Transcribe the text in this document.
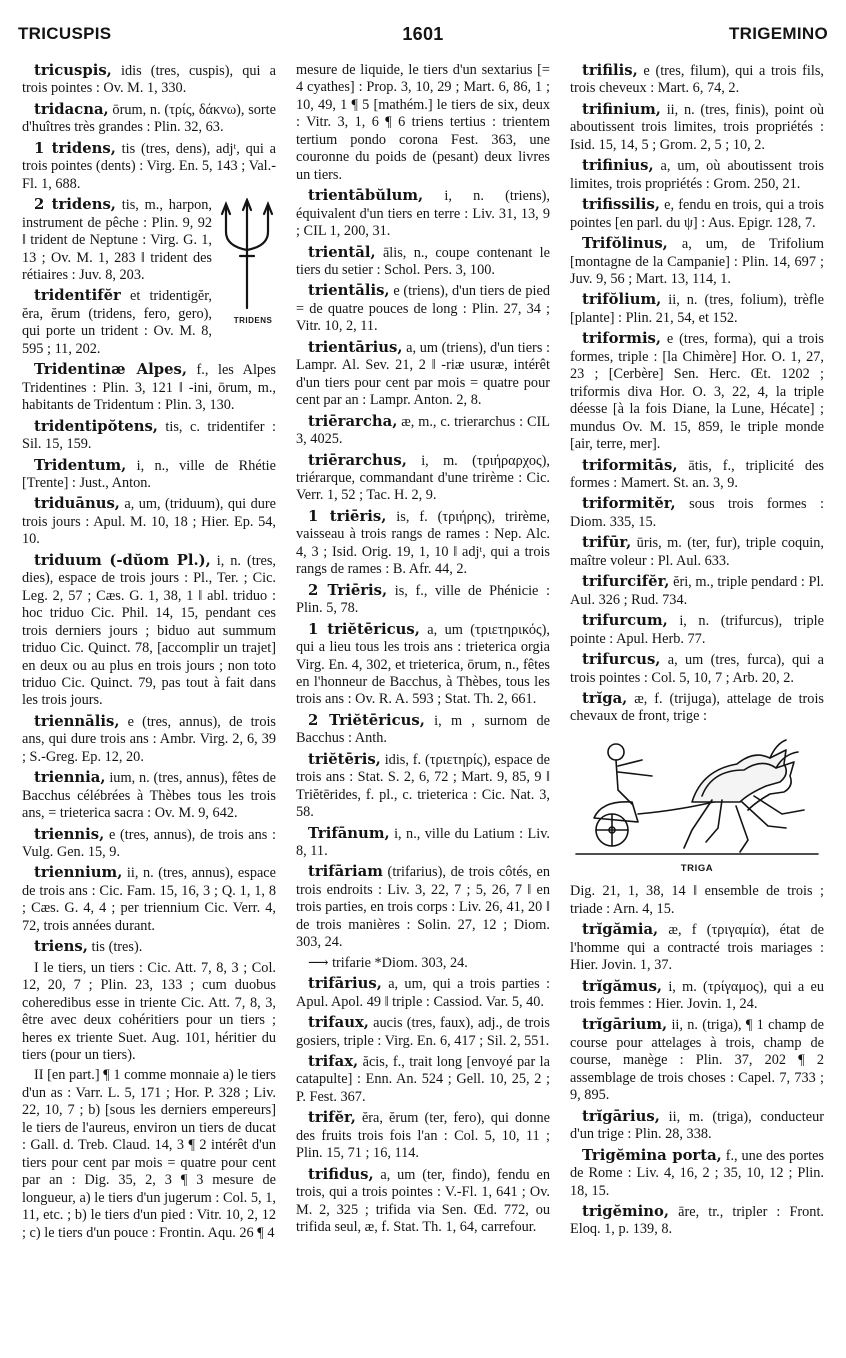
TRICUSPIS	1601	TRIGEMINO

tricuspis, idis (tres, cuspis), qui a trois pointes : Ov. M. 1, 330.

tridacna, ōrum, n. (τρίς, δάκνω), sorte d'huîtres très grandes : Plin. 32, 63.

1 tridens, tis (tres, dens), adjᵗ, qui a trois pointes (dents) : Virg. En. 5, 143 ; Val.-Fl. 1, 688.

TRIDENS
2 tridens, tis, m., harpon, instrument de pêche : Plin. 9, 92 ‖ trident de Neptune : Virg. G. 1, 13 ; Ov. M. 1, 283 ‖ trident des rétiaires : Juv. 8, 203.

tridentifĕr et tridentigĕr, ĕra, ĕrum (tridens, fero, gero), qui porte un trident : Ov. M. 8, 595 ; 11, 202.

Tridentinæ Alpes, f., les Alpes Tridentines : Plin. 3, 121 ‖ -ini, ōrum, m., habitants de Tridentum : Plin. 3, 130.

tridentipŏtens, tis, c. tridentifer : Sil. 15, 159.

Tridentum, i, n., ville de Rhétie [Trente] : Just., Anton.

triduānus, a, um, (triduum), qui dure trois jours : Apul. M. 10, 18 ; Hier. Ep. 54, 10.

triduum (-dŭom Pl.), i, n. (tres, dies), espace de trois jours : Pl., Ter. ; Cic. Leg. 2, 57 ; Cæs. G. 1, 38, 1 ‖ abl. triduo : hoc triduo Cic. Phil. 14, 15, pendant ces trois derniers jours ; biduo aut summum triduo Cic. Quinct. 78, [accomplir un trajet] en deux ou au plus en trois jours ; non toto triduo Cic. Quinct. 79, pas tout à fait dans les trois jours.

triennālis, e (tres, annus), de trois ans, qui dure trois ans : Ambr. Virg. 2, 6, 39 ; S.-Greg. Ep. 12, 20.

triennia, ium, n. (tres, annus), fêtes de Bacchus célébrées à Thèbes tous les trois ans, = trieterica sacra : Ov. M. 9, 642.

triennis, e (tres, annus), de trois ans : Vulg. Gen. 15, 9.

triennium, ii, n. (tres, annus), espace de trois ans : Cic. Fam. 15, 16, 3 ; Q. 1, 1, 8 ; Cæs. G. 4, 4 ; per triennium Cic. Verr. 4, 72, trois années durant.

triens, tis (tres).

I le tiers, un tiers : Cic. Att. 7, 8, 3 ; Col. 12, 20, 7 ; Plin. 23, 133 ; cum duobus coheredibus esse in triente Cic. Att. 7, 8, 3, être avec deux cohéritiers pour un tiers ; heres ex triente Suet. Aug. 101, héritier du tiers (pour un tiers).

II [en part.] ¶ 1 comme monnaie a) le tiers d'un as : Varr. L. 5, 171 ; Hor. P. 328 ; Liv. 22, 10, 7 ; b) [sous les derniers empereurs] le tiers de l'aureus, environ un tiers de ducat : Gall. d. Treb. Claud. 14, 3 ¶ 2 intérêt d'un tiers pour cent par mois = quatre pour cent par an : Dig. 35, 2, 3 ¶ 3 mesure de longueur, a) le tiers d'un jugerum : Col. 5, 1, 11, etc. ; b) le tiers d'un pied : Vitr. 10, 2, 12 ; c) le tiers d'un pouce : Frontin. Aqu. 26 ¶ 4

mesure de liquide, le tiers d'un sextarius [= 4 cyathes] : Prop. 3, 10, 29 ; Mart. 6, 86, 1 ; 10, 49, 1 ¶ 5 [mathém.] le tiers de six, deux : Vitr. 3, 1, 6 ¶ 6 triens tertius : trientem tertium pondo corona Fest. 363, une couronne du poids de (pesant) deux livres un tiers.

trientābŭlum, i, n. (triens), équivalent d'un tiers en terre : Liv. 31, 13, 9 ; CIL 1, 200, 31.

trientāl, ālis, n., coupe contenant le tiers du setier : Schol. Pers. 3, 100.

trientālis, e (triens), d'un tiers de pied = de quatre pouces de long : Plin. 27, 34 ; Vitr. 10, 2, 11.

trientārius, a, um (triens), d'un tiers : Lampr. Al. Sev. 21, 2 ‖ -riæ usuræ, intérêt d'un tiers pour cent par mois = quatre pour cent par an : Lampr. Anton. 2, 8.

triērarcha, æ, m., c. trierarchus : CIL 3, 4025.

triērarchus, i, m. (τριήραρχος), triérarque, commandant d'une trirème : Cic. Verr. 1, 52 ; Tac. H. 2, 9.

1 triēris, is, f. (τριήρης), trirème, vaisseau à trois rangs de rames : Nep. Alc. 4, 3 ; Isid. Orig. 19, 1, 10 ‖ adjᵗ, qui a trois rangs de rames : B. Afr. 44, 2.

2 Triēris, is, f., ville de Phénicie : Plin. 5, 78.

1 triĕtēricus, a, um (τριετηρικός), qui a lieu tous les trois ans : trieterica orgia Virg. En. 4, 302, et trieterica, ōrum, n., fêtes en l'honneur de Bacchus, à Thèbes, tous les trois ans : Ov. R. A. 593 ; Stat. Th. 2, 661.

2 Triĕtēricus, i, m , surnom de Bacchus : Anth.

triĕtēris, idis, f. (τριετηρίς), espace de trois ans : Stat. S. 2, 6, 72 ; Mart. 9, 85, 9 ‖ Triĕtērides, f. pl., c. trieterica : Cic. Nat. 3, 58.

Trifānum, i, n., ville du Latium : Liv. 8, 11.

trifāriam (trifarius), de trois côtés, en trois endroits : Liv. 3, 22, 7 ; 5, 26, 7 ‖ en trois parties, en trois corps : Liv. 26, 41, 20 ‖ de trois manières : Solin. 27, 12 ; Diom. 303, 24.

⟶ trifarie *Diom. 303, 24.

trifārius, a, um, qui a trois parties : Apul. Apol. 49 ‖ triple : Cassiod. Var. 5, 40.

trifaux, aucis (tres, faux), adj., de trois gosiers, triple : Virg. En. 6, 417 ; Sil. 2, 551.

trifax, ăcis, f., trait long [envoyé par la catapulte] : Enn. An. 524 ; Gell. 10, 25, 2 ; P. Fest. 367.

trifĕr, ĕra, ĕrum (ter, fero), qui donne des fruits trois fois l'an : Col. 5, 10, 11 ; Plin. 15, 71 ; 16, 114.

trifidus, a, um (ter, findo), fendu en trois, qui a trois pointes : V.-Fl. 1, 641 ; Ov. M. 2, 325 ; trifida via Sen. Œd. 772, ou trifida seul, æ, f. Stat. Th. 1, 64, carrefour.

trifilis, e (tres, filum), qui a trois fils, trois cheveux : Mart. 6, 74, 2.

trifinium, ii, n. (tres, finis), point où aboutissent trois limites, trois propriétés : Isid. 15, 14, 5 ; Grom. 2, 5 ; 10, 2.

trifinius, a, um, où aboutissent trois limites, trois propriétés : Grom. 250, 21.

trifissilis, e, fendu en trois, qui a trois pointes [en parl. du ψ] : Aus. Epigr. 128, 7.

Trifŏlinus, a, um, de Trifolium [montagne de la Campanie] : Plin. 14, 697 ; Juv. 9, 56 ; Mart. 13, 114, 1.

trifŏlium, ii, n. (tres, folium), trèfle [plante] : Plin. 21, 54, et 152.

triformis, e (tres, forma), qui a trois formes, triple : [la Chimère] Hor. O. 1, 27, 23 ; [Cerbère] Sen. Herc. Œt. 1202 ; triformis diva Hor. O. 3, 22, 4, la triple déesse [à la fois Diane, la Lune, Hécate] ; mundus Ov. M. 15, 859, le triple monde [air, terre, mer].

triformitās, ātis, f., triplicité des formes : Mamert. St. an. 3, 9.

triformitĕr, sous trois formes : Diom. 335, 15.

trifūr, ūris, m. (ter, fur), triple coquin, maître voleur : Pl. Aul. 633.

trifurcifĕr, ĕri, m., triple pendard : Pl. Aul. 326 ; Rud. 734.

trifurcum, i, n. (trifurcus), triple pointe : Apul. Herb. 77.

trifurcus, a, um (tres, furca), qui a trois pointes : Col. 5, 10, 7 ; Arb. 20, 2.

trĭga, æ, f. (trijuga), attelage de trois chevaux de front, trige :

TRIGA

Dig. 21, 1, 38, 14 ‖ ensemble de trois ; triade : Arn. 4, 15.

trĭgămia, æ, f (τριγαμία), état de l'homme qui a contracté trois mariages : Hier. Jovin. 1, 37.

trĭgămus, i, m. (τρίγαμος), qui a eu trois femmes : Hier. Jovin. 1, 24.

trĭgārium, ii, n. (triga), ¶ 1 champ de course pour attelages à trois, champ de course, manège : Plin. 37, 202 ¶ 2 assemblage de trois choses : Capel. 7, 733 ; 9, 895.

trĭgārius, ii, m. (triga), conducteur d'un trige : Plin. 28, 338.

Trigĕmina porta, f., une des portes de Rome : Liv. 4, 16, 2 ; 35, 10, 12 ; Plin. 18, 15.

trigĕmino, āre, tr., tripler : Front. Eloq. 1, p. 139, 8.
